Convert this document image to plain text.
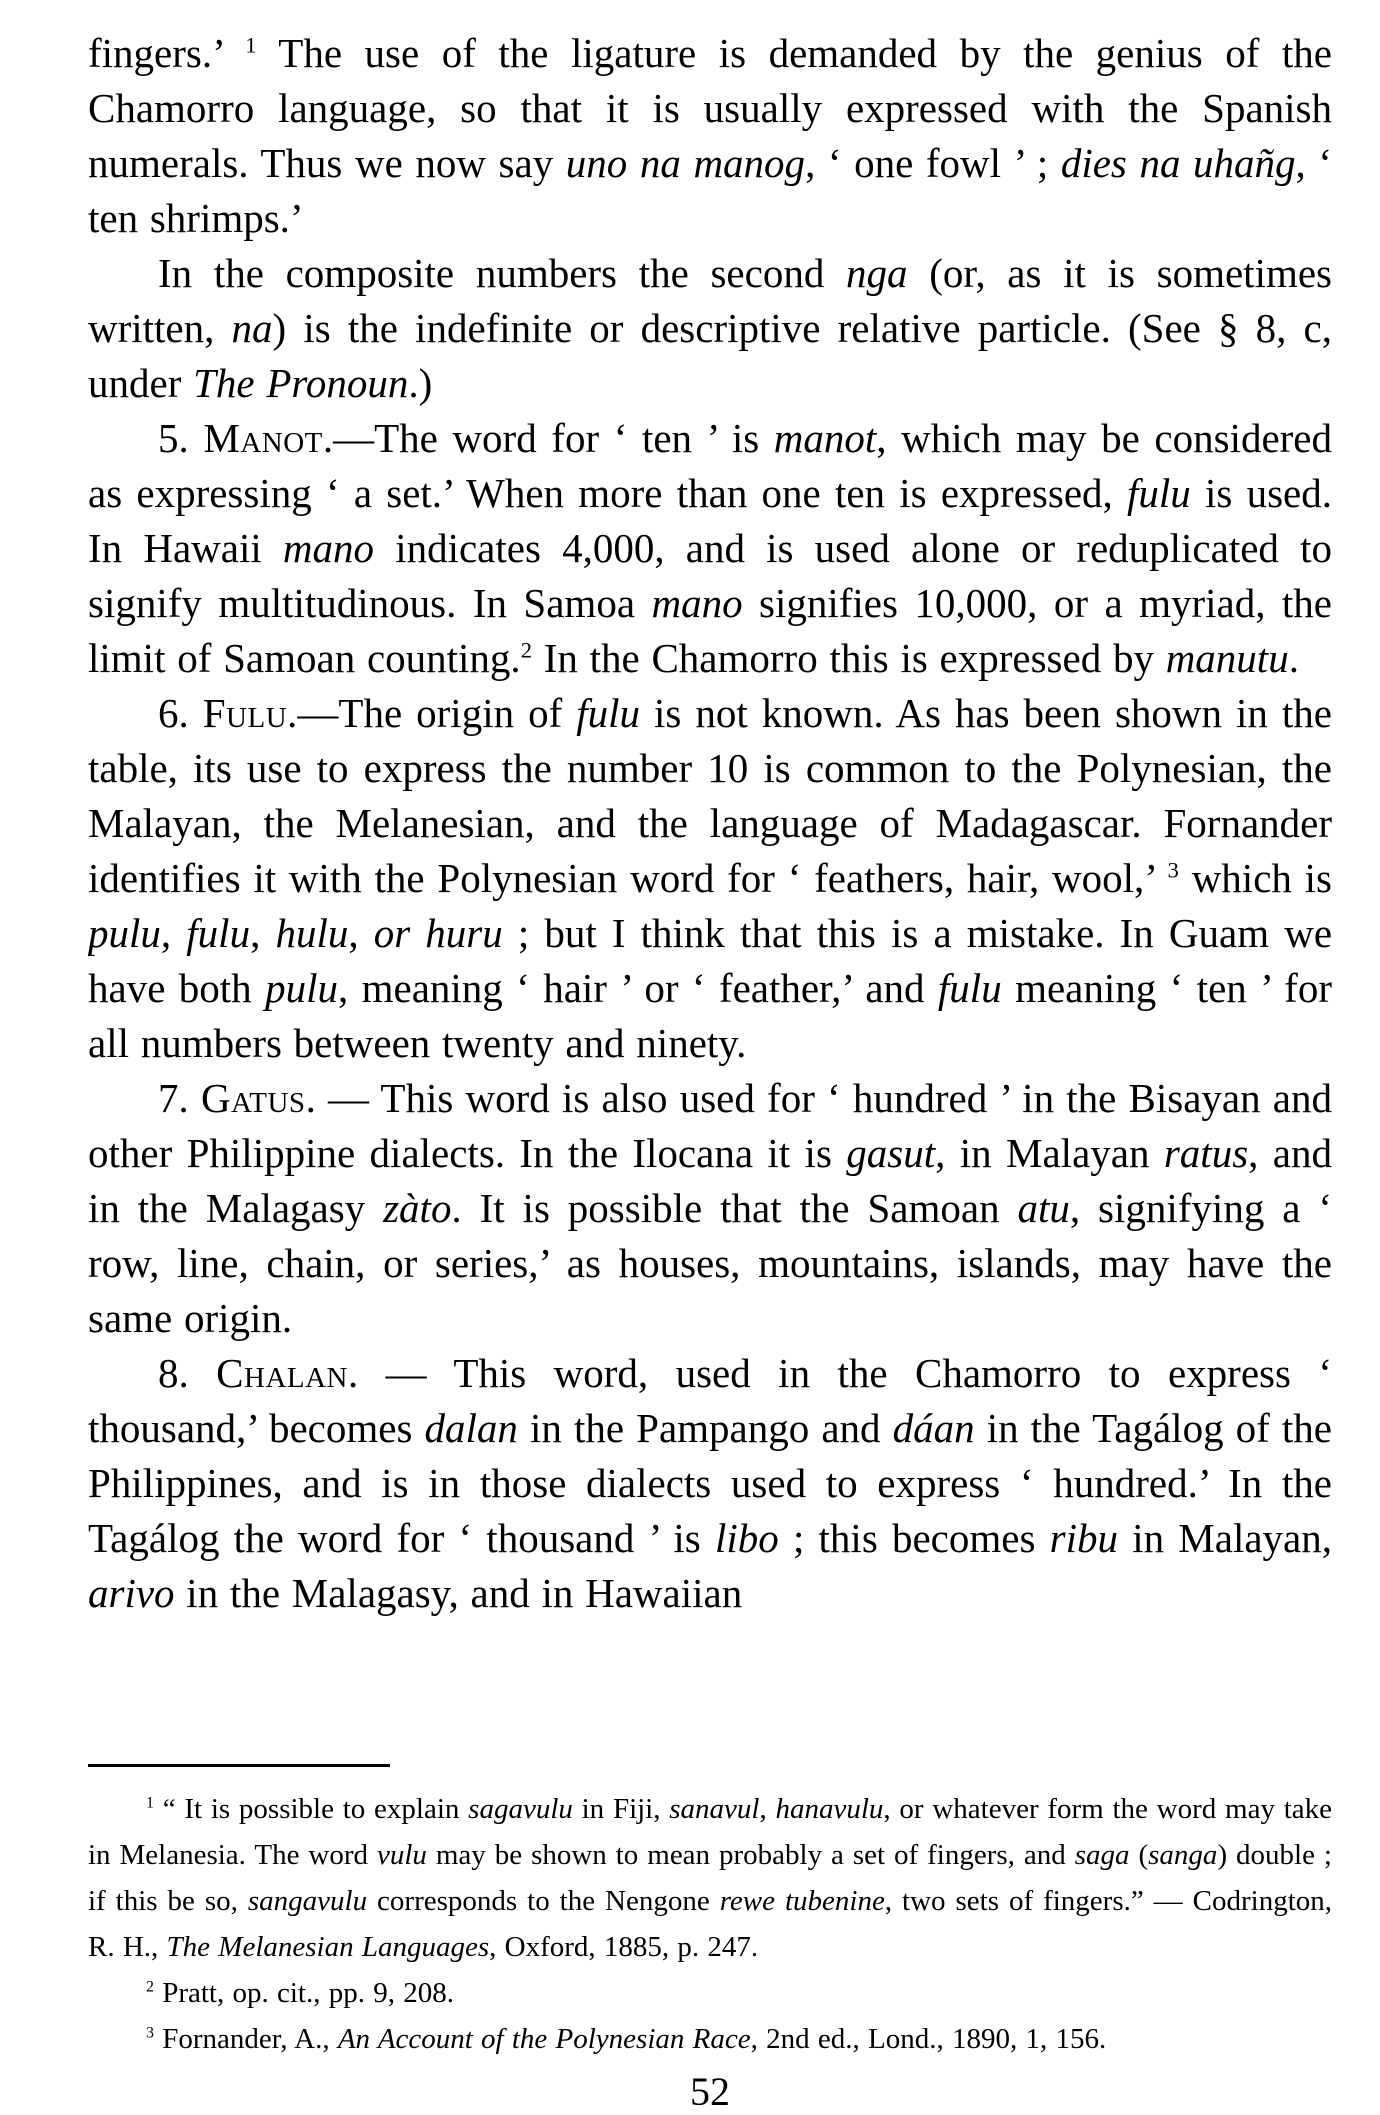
fingers.’ $^1$ The use of the ligature is demanded by the genius of the Chamorro language, so that it is usually expressed with the Spanish numerals. Thus we now say uno na manog, ‘ one fowl ’ ; dies na uhañg, ‘ ten shrimps.’

In the composite numbers the second nga (or, as it is sometimes written, na) is the indefinite or descriptive relative particle. (See § 8, c, under The Pronoun.)

5. Manot.—The word for ‘ ten ’ is manot, which may be considered as expressing ‘ a set.’ When more than one ten is expressed, fulu is used. In Hawaii mano indicates 4,000, and is used alone or reduplicated to signify multitudinous. In Samoa mano signifies 10,000, or a myriad, the limit of Samoan counting.$^2$ In the Chamorro this is expressed by manutu.

6. Fulu.—The origin of fulu is not known. As has been shown in the table, its use to express the number 10 is common to the Polynesian, the Malayan, the Melanesian, and the language of Madagascar. Fornander identifies it with the Polynesian word for ‘ feathers, hair, wool,’ $^3$ which is pulu, fulu, hulu, or huru ; but I think that this is a mistake. In Guam we have both pulu, meaning ‘ hair ’ or ‘ feather,’ and fulu meaning ‘ ten ’ for all numbers between twenty and ninety.

7. Gatus. — This word is also used for ‘ hundred ’ in the Bisayan and other Philippine dialects. In the Ilocana it is gasut, in Malayan ratus, and in the Malagasy zàto. It is possible that the Samoan atu, signifying a ‘ row, line, chain, or series,’ as houses, mountains, islands, may have the same origin.

8. Chalan. — This word, used in the Chamorro to express ‘ thousand,’ becomes dalan in the Pampango and dáan in the Tagálog of the Philippines, and is in those dialects used to express ‘ hundred.’ In the Tagálog the word for ‘ thousand ’ is libo ; this becomes ribu in Malayan, arivo in the Malagasy, and in Hawaiian

$^1$ “ It is possible to explain sagavulu in Fiji, sanavul, hanavulu, or whatever form the word may take in Melanesia. The word vulu may be shown to mean probably a set of fingers, and saga (sanga) double ; if this be so, sangavulu corresponds to the Nengone rewe tubenine, two sets of fingers.” — Codrington, R. H., The Melanesian Languages, Oxford, 1885, p. 247.

$^2$ Pratt, op. cit., pp. 9, 208.

$^3$ Fornander, A., An Account of the Polynesian Race, 2nd ed., Lond., 1890, 1, 156.

52
